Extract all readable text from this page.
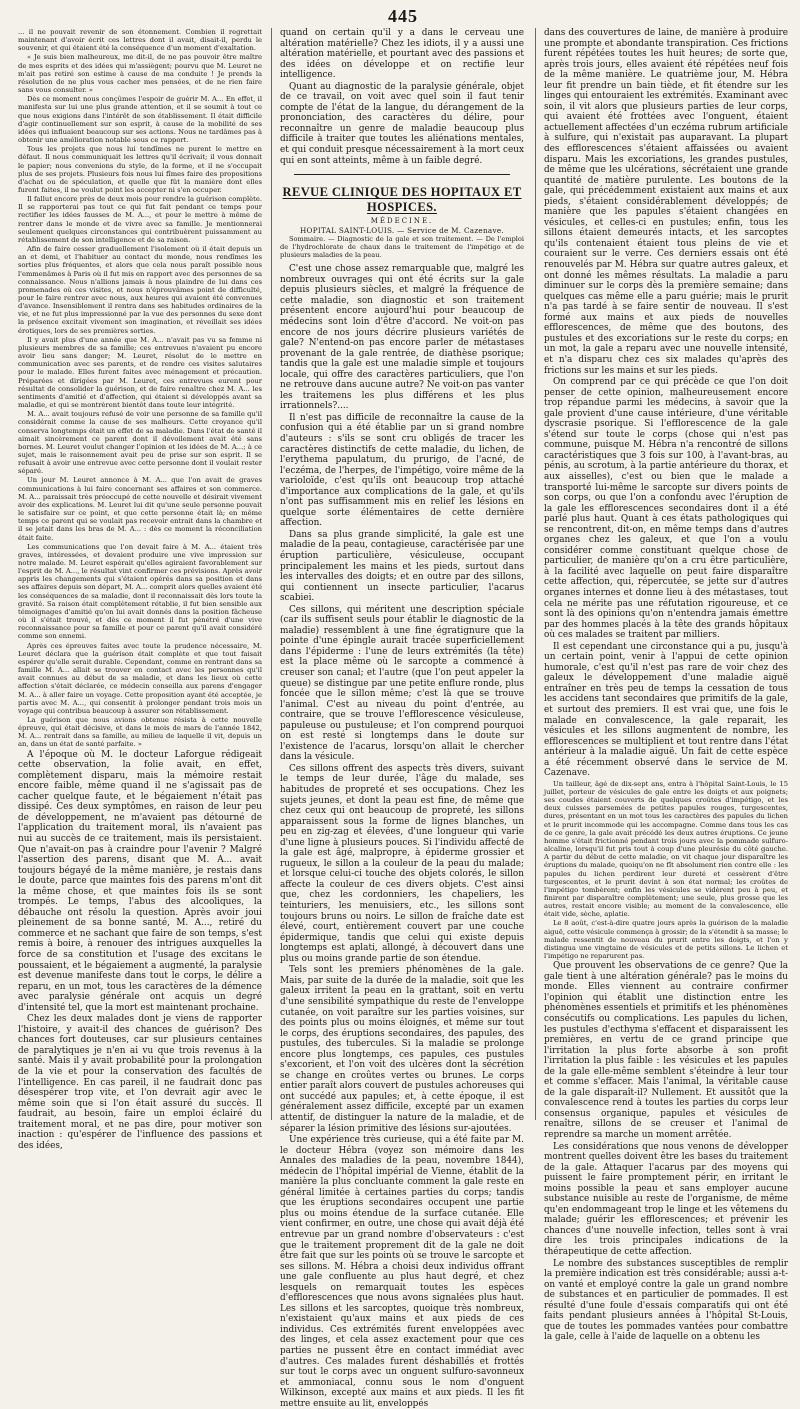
445

... il ne pouvait revenir de son étonnement. Combien il regrettait maintenant d'avoir écrit ces lettres dont il avait, disait-il, perdu le souvenir, et qui étaient été la conséquence d'un moment d'exaltation.

« Je suis bien malheureux, me dit-il, de ne pas pouvoir être maître de mes esprits et des idées qui m'assiègent; pourvu que M. Leuret ne m'ait pas retiré son estime à cause de ma conduite ! Je prends la résolution de ne plus vous cacher mes pensées, et de ne rien faire sans vous consulter. »

Dès ce moment nous conçûmes l'espoir de guérir M. A... En effet, il manifesta sur lui une plus grande attention, et il se soumit à tout ce que nous exigions dans l'intérêt de son établissement. Il était difficile d'agir continuellement sur son esprit, à cause de la mobilité de ses idées qui influaient beaucoup sur ses actions. Nous ne tardâmes pas à obtenir une amélioration notable sous ce rapport.

Tous les projets que nous lui tendîmes ne purent le mettre en défaut. Il nous communiquait les lettres qu'il écrivait; il vous donnait le papier; nous convenions du style, de la forme, et il ne s'occupait plus de ses projets. Plusieurs fois nous lui fîmes faire des propositions d'achat ou de spéculation, et quelle que fût la manière dont elles furent faites, il ne voulut point les accepter ni s'en occuper.

Il fallut encore près de deux mois pour rendre la guérison complète. Il se rapporterai pas tout ce qui fut fait pendant ce temps pour rectifier les idées fausses de M. A..., et pour le mettre à même de rentrer dans le monde et de vivre avec sa famille. Je mentionnerai seulement quelques circonstances qui contribuèrent puissamment au rétablissement de son intelligence et de sa raison.

Afin de faire cesser graduellement l'isolement où il était depuis un an et demi, et l'habituer au contact du monde, nous rendîmes les sorties plus fréquentes, et alors que cela nous paraît possible nous l'emmenâmes à Paris où il fut mis en rapport avec des personnes de sa connaissance. Nous n'allions jamais à nous plaindre de lui dans ces promenades où ces visites, et nous n'éprouvâmes point de difficulté, pour le faire rentrer avec nous, aux heures qui avaient été convenues d'avance. Insensiblement il rentra dans ses habitudes ordinaires de la vie, et ne fut plus impressionné par la vue des personnes du sexe dont la présence excitait vivement son imagination, et réveillait ses idées érotiques, lors de ses premières sorties.

Il y avait plus d'une année que M. A... n'avait pas vu sa femme ni plusieurs membres de sa famille; ces entrevues n'avaient pu encore avoir lieu sans danger; M. Leuret, résolut de le mettre en communication avec ses parents, et de rendre ces visites salutaires pour le malade. Elles furent faites avec ménagement et précaution. Préparées et dirigées par M. Leuret, ces entrevues eurent pour résultat de consolider la guérison, et de faire renaître chez M. A... les sentiments d'amitié et d'affection, qui étaient si développés avant sa maladie, et qui se montrèrent bientôt dans toute leur intégrité.

M. A... avait toujours refusé de voir une personne de sa famille qu'il considérait comme la cause de ses malheurs. Cette croyance qu'il conserva longtemps était un effet de sa maladie. Dans l'état de santé il aimait sincèrement ce parent dont il dévoilement avait été sans bornes. M. Leuret voulut changer l'opinion et les idées de M. A...; à ce sujet, mais le raisonnement avait peu de prise sur son esprit. Il se refusait à avoir une entrevue avec cette personne dont il voulait rester séparé.

Un jour M. Leuret annonce à M. A... que l'on avait de graves communications à lui faire concernant ses affaires et son commerce. M. A... paraissait très préoccupé de cette nouvelle et désirait vivement avoir des explications. M. Leuret lui dit qu'une seule personne pouvait le satisfaire sur ce point, et que cette personne était là; en même temps ce parent qui se voulait pas recevoir entrait dans la chambre et il se jetait dans les bras de M. A... : dès ce moment la réconciliation était faite.

Les communications que l'on devait faire à M. A... étaient très graves, intéressées, et devaient produire une vive impression sur notre malade. M. Leuret espérait qu'elles agiraient favorablement sur l'esprit de M. A..., le résultat vint confirmer ces prévisions. Après avoir appris les changements qui s'étaient opérés dans sa position et dans ses affaires depuis son départ, M. A... comprit alors quelles avaient été les conséquences de sa maladie, dont il reconnaissait dès lors toute la gravité. Sa raison était complètement rétablie, il fut bien sensible aux témoignages d'amitié qu'on lui avait donnés dans la position fâcheuse où il s'était trouvé, et dès ce moment il fut pénétré d'une vive reconnaissance pour sa famille et pour ce parent qu'il avait considéré comme son ennemi.

Après ces épreuves faites avec toute la prudence nécessaire, M. Leuret déclara que la guérison était complète et que tout faisait espérer qu'elle serait durable. Cependant, comme en rentrant dans sa famille M. A... allait se trouver en contact avec les personnes qu'il avait connues au début de sa maladie, et dans les lieux où cette affection s'était déclarée, ce médecin conseilla aux parens d'engager M. A... à aller faire un voyage. Cette proposition ayant été acceptée, je partis avec M. A..., qui consentit à prolonger pendant trois mois un voyage qui contribua beaucoup à assurer son rétablissement.

La guérison que nous avions obtenue résista à cette nouvelle épreuve, qui était décisive, et dans le mois de mars de l'année 1842, M. A... rentrait dans sa famille, au milieu de laquelle il vit, depuis un an, dans un état de santé parfaite. »

A l'époque où M. le docteur Laforgue rédigeait cette observation, la folie avait, en effet, complètement disparu, mais la mémoire restait encore faible, même quand il ne s'agissait pas de cacher quelque faute, et le bégaiement n'était pas dissipé. Ces deux symptômes, en raison de leur peu de développement, ne m'avaient pas détourné de l'application du traitement moral, ils n'avaient pas nui au succès de ce traitement, mais ils persistaient. Que n'avait-on pas à craindre pour l'avenir ? Malgré l'assertion des parens, disant que M. A... avait toujours bégayé de la même manière, je restais dans le doute, parce que maintes fois des parens m'ont dit la même chose, et que maintes fois ils se sont trompés. Le temps, l'abus des alcooliques, la débauche ont résolu la question. Après avoir joui pleinement de sa bonne santé, M. A..., retiré du commerce et ne sachant que faire de son temps, s'est remis à boire, à renouer des intrigues auxquelles la force de sa constitution et l'usage des excitans le poussaient, et le bégaiement a augmenté, la paralysie est devenue manifeste dans tout le corps, le délire a reparu, en un mot, tous les caractères de la démence avec paralysie générale ont acquis un degré d'intensité tel, que la mort est maintenant prochaine.

Chez les deux malades dont je viens de rapporter l'histoire, y avait-il des chances de guérison? Des chances fort douteuses, car sur plusieurs centaines de paralytiques je n'en ai vu que trois revenus à la santé. Mais il y avait probabilité pour la prolongation de la vie et pour la conservation des facultés de l'intelligence. En cas pareil, il ne faudrait donc pas désespérer trop vite, et l'on devrait agir avec le même soin que si l'on était assuré du succès. Il faudrait, au besoin, faire un emploi éclairé du traitement moral, et ne pas dire, pour motiver son inaction : qu'espérer de l'influence des passions et des idées,

quand on certain qu'il y a dans le cerveau une altération matérielle? Chez les idiots, il y a aussi une altération matérielle, et pourtant avec des passions et des idées on développe et on rectifie leur intelligence.

Quant au diagnostic de la paralysie générale, objet de ce travail, on voit avec quel soin il faut tenir compte de l'état de la langue, du dérangement de la prononciation, des caractères du délire, pour reconnaître un genre de maladie beaucoup plus difficile à traiter que toutes les aliénations mentales, et qui conduit presque nécessairement à la mort ceux qui en sont atteints, même à un faible degré.

REVUE CLINIQUE DES HOPITAUX ET HOSPICES.
MÉDECINE.
HOPITAL SAINT-LOUIS. — Service de M. Cazenave.

Sommaire. — Diagnostic de la gale et son traitement. — De l'emploi de l'hydrochlorate de chaux dans le traitement de l'impétigo et de plusieurs maladies de la peau.

C'est une chose assez remarquable que, malgré les nombreux ouvrages qui ont été écrits sur la gale depuis plusieurs siècles, et malgré la fréquence de cette maladie, son diagnostic et son traitement présentent encore aujourd'hui pour beaucoup de médecins sont loin d'être d'accord. Ne voit-on pas encore de nos jours décrire plusieurs variétés de gale? N'entend-on pas encore parler de métastases provenant de la gale rentrée, de diathèse psorique; tandis que la gale est une maladie simple et toujours locale, qui offre des caractères particuliers, que l'on ne retrouve dans aucune autre? Ne voit-on pas vanter les traitemens les plus différens et les plus irrationnels?....

Il n'est pas difficile de reconnaître la cause de la confusion qui a été établie par un si grand nombre d'auteurs : s'ils se sont cru obligés de tracer les caractères distinctifs de cette maladie, du lichen, de l'erythema papulatum, du prurigo, de l'acné, de l'eczéma, de l'herpes, de l'impétigo, voire même de la varioloïde, c'est qu'ils ont beaucoup trop attaché d'importance aux complications de la gale, et qu'ils n'ont pas suffisamment mis en relief les lésions en quelque sorte élémentaires de cette dernière affection.

Dans sa plus grande simplicité, la gale est une maladie de la peau, contagieuse, caractérisée par une éruption particulière, vésiculeuse, occupant principalement les mains et les pieds, surtout dans les intervalles des doigts; et en outre par des sillons, qui contiennent un insecte particulier, l'acarus scabiei.

Ces sillons, qui méritent une description spéciale (car ils suffisent seuls pour établir le diagnostic de la maladie) ressemblent à une fine égratignure que la pointe d'une épingle aurait tracée superficiellement dans l'épiderme : l'une de leurs extrémités (la tête) est la place même où le sarcopte a commencé à creuser son canal; et l'autre (que l'on peut appeler la queue) se distingue par une petite enflure ronde, plus foncée que le sillon même; c'est là que se trouve l'animal. C'est au niveau du point d'entrée, au contraire, que se trouve l'efflorescence vésiculeuse, papuleuse ou pustuleuse; et l'on comprend pourquoi on est resté si longtemps dans le doute sur l'existence de l'acarus, lorsqu'on allait le chercher dans la vésicule.

Ces sillons offrent des aspects très divers, suivant le temps de leur durée, l'âge du malade, ses habitudes de propreté et ses occupations. Chez les sujets jeunes, et dont la peau est fine, de même que chez ceux qui ont beaucoup de propreté, les sillons apparaissent sous la forme de lignes blanches, un peu en zig-zag et élevées, d'une longueur qui varie d'une ligne à plusieurs pouces. Si l'individu affecté de la gale est âgé, malpropre, à épiderme grossier et rugueux, le sillon a la couleur de la peau du malade; et lorsque celui-ci touche des objets colorés, le sillon affecte la couleur de ces divers objets. C'est ainsi que, chez les cordonniers, les chapeliers, les teinturiers, les menuisiers, etc., les sillons sont toujours bruns ou noirs. Le sillon de fraîche date est élevé, court, entièrement couvert par une couche épidermique, tandis que celui qui existe depuis longtemps est aplati, allongé, à découvert dans une plus ou moins grande partie de son étendue.

Tels sont les premiers phénomènes de la gale. Mais, par suite de la durée de la maladie, soit que les galeux irritent la peau en la grattant, soit en vertu d'une sensibilité sympathique du reste de l'enveloppe cutanée, on voit paraître sur les parties voisines, sur des points plus ou moins éloignés, et même sur tout le corps, des éruptions secondaires, des papules, des pustules, des tubercules. Si la maladie se prolonge encore plus longtemps, ces papules, ces pustules s'excorient, et l'on voit des ulcères dont la sécrétion se change en croûtes vertes ou brunes. Le corps entier paraît alors couvert de pustules achoreuses qui ont succédé aux papules; et, à cette époque, il est généralement assez difficile, excepté par un examen attentif, de distinguer la nature de la maladie, et de séparer la lésion primitive des lésions sur-ajoutées.

Une expérience très curieuse, qui a été faite par M. le docteur Hébra (voyez son mémoire dans les Annales des maladies de la peau, novembre 1844), médecin de l'hôpital impérial de Vienne, établit de la manière la plus concluante comment la gale reste en général limitée à certaines parties du corps; tandis que les éruptions secondaires occupent une partie plus ou moins étendue de la surface cutanée. Elle vient confirmer, en outre, une chose qui avait déjà été entrevue par un grand nombre d'observateurs : c'est que le traitement proprement dit de la gale ne doit être fait que sur les points où se trouve le sarcopte et ses sillons. M. Hébra a choisi deux individus offrant une gale confluente au plus haut degré, et chez lesquels on remarquait toutes les espèces d'efflorescences que nous avons signalées plus haut. Les sillons et les sarcoptes, quoique très nombreux, n'existaient qu'aux mains et aux pieds de ces individus. Ces extrémités furent enveloppées avec des linges, et cela assez exactement pour que ces parties ne pussent être en contact immédiat avec d'autres. Ces malades furent déshabillés et frottés sur tout le corps avec un onguent sulfuro-savonneux et ammoniacal, connu sous le nom d'onguent Wilkinson, excepté aux mains et aux pieds. Il les fit mettre ensuite au lit, enveloppés

dans des couvertures de laine, de manière à produire une prompte et abondante transpiration. Ces frictions furent répétées toutes les huit heures; de sorte que, après trois jours, elles avaient été répétées neuf fois de la même manière. Le quatrième jour, M. Hébra leur fit prendre un bain tiède, et fit étendre sur les linges qui entouraient les extrémités. Examinant avec soin, il vit alors que plusieurs parties de leur corps, qui avaient été frottées avec l'onguent, étaient actuellement affectées d'un eczéma rubrum artificiale à sulfure, qui n'existait pas auparavant. La plupart des efflorescences s'étaient affaissées ou avaient disparu. Mais les excoriations, les grandes pustules, de même que les ulcérations, sécrétaient une grande quantité de matière purulente. Les boutons de la gale, qui précédemment existaient aux mains et aux pieds, s'étaient considérablement développés; de manière que les papules s'étaient changées en vésicules, et celles-ci en pustules; enfin, tous les sillons étaient demeurés intacts, et les sarcoptes qu'ils contenaient étaient tous pleins de vie et couraient sur le verre. Ces derniers essais ont été renouvelés par M. Hébra sur quatre autres galeux, et ont donné les mêmes résultats. La maladie a paru diminuer sur le corps dès la première semaine; dans quelques cas même elle a paru guérie; mais le prurit n'a pas tardé à se faire sentir de nouveau. Il s'est formé aux mains et aux pieds de nouvelles efflorescences, de même que des boutons, des pustules et des excoriations sur le reste du corps; en un mot, la gale a reparu avec une nouvelle intensité, et n'a disparu chez ces six malades qu'après des frictions sur les mains et sur les pieds.

On comprend par ce qui précède ce que l'on doit penser de cette opinion, malheureusement encore trop répandue parmi les médecins, à savoir que la gale provient d'une cause intérieure, d'une véritable dyscrasie psorique. Si l'efflorescence de la gale s'étend sur toute le corps (chose qui n'est pas commune, puisque M. Hébra n'a rencontré de sillons caractéristiques que 3 fois sur 100, à l'avant-bras, au pénis, au scrotum, à la partie antérieure du thorax, et aux aisselles), c'est ou bien que le malade a transporté lui-même le sarcopte sur divers points de son corps, ou que l'on a confondu avec l'éruption de la gale les efflorescences secondaires dont il a été parlé plus haut. Quant à ces états pathologiques qui se rencontrent, dit-on, en même temps dans d'autres organes chez les galeux, et que l'on a voulu considérer comme constituant quelque chose de particulier, de manière qu'on a cru être particulière, à la facilité avec laquelle on peut faire disparaître cette affection, qui, répercutée, se jette sur d'autres organes internes et donne lieu à des métastases, tout cela ne mérite pas une réfutation rigoureuse, et ce sont là des opinions qu'on n'entendra jamais émettre par des hommes placés à la tête des grands hôpitaux où ces malades se traitent par milliers.

Il est cependant une circonstance qui a pu, jusqu'à un certain point, venir à l'appui de cette opinion humorale, c'est qu'il n'est pas rare de voir chez des galeux le développement d'une maladie aiguë entraîner en très peu de temps la cessation de tous les accidens tant secondaires que primitifs de la gale, et surtout des premiers. Il est vrai que, une fois le malade en convalescence, la gale reparait, les vésicules et les sillons augmentent de nombre, les efflorescences se multiplient et tout rentre dans l'état antérieur à la maladie aiguë. Un fait de cette espèce a été récemment observé dans le service de M. Cazenave.

Un tailleur, âgé de dix-sept ans, entra à l'hôpital Saint-Louis, le 15 juillet, porteur de vésicules de gale entre les doigts et aux poignets; ses coudes étaient couverts de quelques croûtes d'impétigo, et les deux cuisses parsemées de petites papules rouges, turgescentes, dures, présentant en un mot tous les caractères des papules du lichen et le prurit incommode qui les accompagne. Comme dans tous les cas de ce genre, la gale avait précédé les deux autres éruptions. Ce jeune homme s'était frictionné pendant trois jours avec la pommade sulfuro-alcaline, lorsqu'il fut pris tout à coup d'une pleurésie du côté gauche. A partir du début de cette maladie, on vit chaque jour disparaître les éruptions du malade, quoiqu'on ne fît absolument rien contre elle : les papules du lichen perdirent leur dureté et cessèrent d'être turgescentes, et le prurit devint à son état normal; les croûtes de l'impétigo tombèrent; enfin les vésicules se vidèrent peu à peu, et finirent par disparaître complètement; une seule, plus grosse que les autres, restait encore visible; au moment de la convalescence, elle était vide, sèche, aplatie.

Le 8 août, c'est-à-dire quatre jours après la guérison de la maladie aiguë, cette vésicule commença à grossir; de la s'étendit à sa masse; le malade ressentit de nouveau du prurit entre les doigts, et l'on y distingua une vingtaine de vésicules et de petits sillons. Le lichen et l'impétigo ne reparurent pas.

Que prouvent les observations de ce genre? Que la gale tient à une altération générale? pas le moins du monde. Elles viennent au contraire confirmer l'opinion qui établit une distinction entre les phénomènes essentiels et primitifs et les phénomènes consécutifs ou complications. Les papules du lichen, les pustules d'ecthyma s'effacent et disparaissent les premières, en vertu de ce grand principe que l'irritation la plus forte absorbe à son profit l'irritation la plus faible : les vésicules et les papules de la gale elle-même semblent s'éteindre à leur tour et comme s'effacer. Mais l'animal, la véritable cause de la gale disparaît-il? Nullement. Et aussitôt que la convalescence rend à toutes les parties du corps leur consensus organique, papules et vésicules de renaître, sillons de se creuser et l'animal de reprendre sa marche un moment arrêtée.

Les considérations que nous venons de développer montrent quelles doivent être les bases du traitement de la gale. Attaquer l'acarus par des moyens qui puissent le faire promptement périr, en irritant le moins possible la peau et sans employer aucune substance nuisible au reste de l'organisme, de même qu'en endommageant trop le linge et les vêtemens du malade; guérir les efflorescences; et prévenir les chances d'une nouvelle infection, telles sont à vrai dire les trois principales indications de la thérapeutique de cette affection.

Le nombre des substances susceptibles de remplir la première indication est très considérable; aussi a-t-on vanté et employé contre la gale un grand nombre de substances et en particulier de pommades. Il est résulté d'une foule d'essais comparatifs qui ont été faits pendant plusieurs années à l'hôpital St-Louis, que de toutes les pommades vantées pour combattre la gale, celle à l'aide de laquelle on a obtenu les
